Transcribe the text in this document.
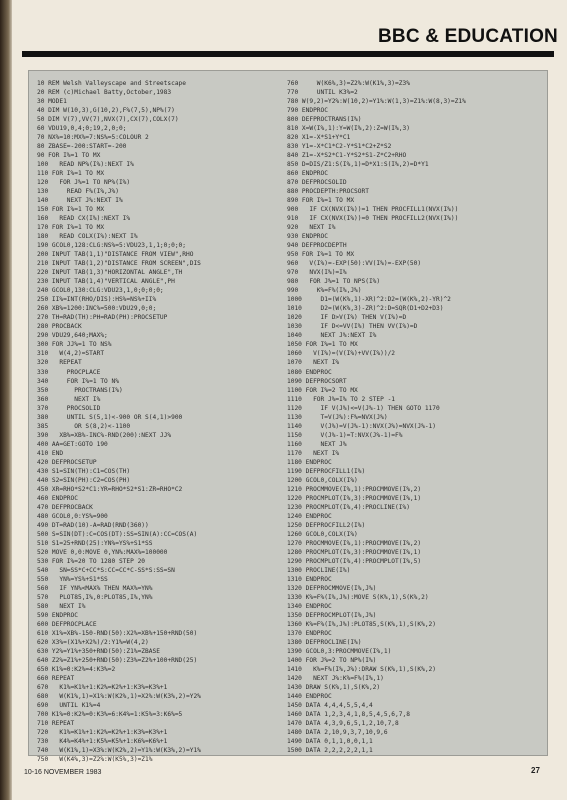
BBC & EDUCATION
10 REM Welsh Valleyscape and Streetscape
20 REM (c)Michael Batty,October,1983
30 MODE1
40 DIM W(10,3),G(10,2),F%(7,5),NP%(7)
50 DIM V(7),VV(7),NVX(7),CX(7),COLX(7)
60 VDU19,0,4;0;19,2,0;0;
70 NX%=10:MX%=7:NS%=5:COLOUR 2
80 ZBASE=-200:START=-200
90 FOR I%=1 TO MX
100   READ NP%(I%):NEXT I%
110 FOR I%=1 TO MX
120   FOR J%=1 TO NP%(I%)
130     READ F%(I%,J%)
140     NEXT J%:NEXT I%
150 FOR I%=1 TO MX
160   READ CX(I%):NEXT I%
170 FOR I%=1 TO MX
180   READ COLX(I%):NEXT I%
190 GCOL0,128:CLG:NS%=5:VDU23,1,1;0;0;0;
200 INPUT TAB(1,1)"DISTANCE FROM VIEW",RHO
210 INPUT TAB(1,2)"DISTANCE FROM SCREEN",DIS
220 INPUT TAB(1,3)"HORIZONTAL ANGLE",TH
230 INPUT TAB(1,4)"VERTICAL ANGLE",PH
240 GCOL0,130:CLG:VDU23,1,0;0;0;0;
250 II%=INT(RHO/DIS):HS%=NS%+II%
260 XB%=1200:INC%=500:VDU29,0;0;
270 TH=RAD(TH):PH=RAD(PH):PROCSETUP
280 PROCBACK
290 VDU29,640;MAX%;
300 FOR JJ%=1 TO NS%
310   W(4,2)=START
320   REPEAT
330     PROCPLACE
340     FOR I%=1 TO N%
350       PROCTRANS(I%)
360       NEXT I%
370     PROCSOLID
380     UNTIL S(5,1)<-900 OR S(4,1)>900
385       OR S(8,2)<-1100
390   XB%=XB%-INC%-RND(200):NEXT JJ%
400 AA=GET:GOTO 190
410 END
420 DEFPROCSETUP
430 S1=SIN(TH):C1=COS(TH)
440 S2=SIN(PH):C2=COS(PH)
450 XR=RHO*S2*C1:YR=RHO*S2*S1:ZR=RHO*C2
460 ENDPROC
470 DEFPROCBACK
480 GCOL0,0:YS%=900
490 DT=RAD(10)-A=RAD(RND(360))
500 S=SIN(DT):C=COS(DT):SS=SIN(A):CC=COS(A)
510 S1=25+RND(25):YN%=YS%+S1*SS
520 MOVE 0,0:MOVE 0,YN%:MAX%=100000
530 FOR I%=20 TO 1280 STEP 20
540   SN=SS*C+CC*S:CC=CC*C-SS*S:SS=SN
550   YN%=YS%+S1*SS
560   IF YN%<MAX% THEN MAX%=YN%
570   PLOT85,I%,0:PLOT85,I%,YN%
580   NEXT I%
590 ENDPROC
600 DEFPROCPLACE
610 X1%=XB%-150-RND(50):X2%=XB%+150+RND(50)
620 X3%=(X1%+X2%)/2:Y1%=W(4,2)
630 Y2%=Y1%+350+RND(50):Z1%=ZBASE
640 Z2%=Z1%+250+RND(50):Z3%=Z2%+100+RND(25)
650 K1%=0:K2%=4:K3%=2
660 REPEAT
670   K1%=K1%+1:K2%=K2%+1:K3%=K3%+1
680   W(K1%,1)=X1%:W(K2%,1)=X2%:W(K3%,2)=Y2%
690   UNTIL K1%=4
700 K1%=0:K2%=0:K3%=6:K4%=1:K5%=3:K6%=5
710 REPEAT
720   K1%=K1%+1:K2%=K2%+1:K3%=K3%+1
730   K4%=K4%+1:K5%=K5%+1:K6%=K6%+1
740   W(K1%,1)=X3%:W(K2%,2)=Y1%:W(K3%,2)=Y1%
750   W(K4%,3)=Z2%:W(K5%,3)=Z1%
760     W(K6%,3)=Z2%:W(K1%,3)=Z3%
770     UNTIL K3%=2
780 W(9,2)=Y2%:W(10,2)=Y1%:W(1,3)=Z1%:W(8,3)=Z1%
790 ENDPROC
800 DEFPROCTRANS(I%)
810 X=W(I%,1):Y=W(I%,2):Z=W(I%,3)
820 X1=-X*S1+Y*C1
830 Y1=-X*C1*C2-Y*S1*C2+Z*S2
840 Z1=-X*S2*C1-Y*S2*S1-Z*C2+RHO
850 D=DIS/Z1:S(I%,1)=D*X1:S(I%,2)=D*Y1
860 ENDPROC
870 DEFPROCSOLID
880 PROCDEPTH:PROCSORT
890 FOR I%=1 TO MX
900   IF CX(NVX(I%))=1 THEN PROCFILL1(NVX(I%))
910   IF CX(NVX(I%))=0 THEN PROCFILL2(NVX(I%))
920   NEXT I%
930 ENDPROC
940 DEFPROCDEPTH
950 FOR I%=1 TO MX
960   V(I%)=-EXP(50):VV(I%)=-EXP(50)
970   NVX(I%)=I%
980   FOR J%=1 TO NPS(I%)
990     K%=F%(I%,J%)
1000     D1=(W(K%,1)-XR)^2:D2=(W(K%,2)-YR)^2
1010     D2=(W(K%,3)-ZR)^2:D=SQR(D1+D2+D3)
1020     IF D>V(I%) THEN V(I%)=D
1030     IF D<=VV(I%) THEN VV(I%)=D
1040     NEXT J%:NEXT I%
1050 FOR I%=1 TO MX
1060   V(I%)=(V(I%)+VV(I%))/2
1070   NEXT I%
1080 ENDPROC
1090 DEFPROCSORT
1100 FOR I%=2 TO MX
1110   FOR J%=I% TO 2 STEP -1
1120     IF V(J%)<=V(J%-1) THEN GOTO 1170
1130     T=V(J%):F%=NVX(J%)
1140     V(J%)=V(J%-1):NVX(J%)=NVX(J%-1)
1150     V(J%-1)=T:NVX(J%-1)=F%
1160     NEXT J%
1170   NEXT I%
1180 ENDPROC
1190 DEFPROCFILL1(I%)
1200 GCOL0,COLX(I%)
1210 PROCMMOVE(I%,1):PROCMMOVE(I%,2)
1220 PROCMPLOT(I%,3):PROCMMOVE(I%,1)
1230 PROCMPLOT(I%,4):PROCLINE(I%)
1240 ENDPROC
1250 DEFPROCFILL2(I%)
1260 GCOL0,COLX(I%)
1270 PROCMMOVE(I%,1):PROCMMOVE(I%,2)
1280 PROCMPLOT(I%,3):PROCMMOVE(I%,1)
1290 PROCMPLOT(I%,4):PROCMPLOT(I%,5)
1300 PROCLINE(I%)
1310 ENDPROC
1320 DEFPROCMMOVE(I%,J%)
1330 K%=F%(I%,J%):MOVE S(K%,1),S(K%,2)
1340 ENDPROC
1350 DEFPROCMPLOT(I%,J%)
1360 K%=F%(I%,J%):PLOT85,S(K%,1),S(K%,2)
1370 ENDPROC
1380 DEFPROCLINE(I%)
1390 GCOL0,3:PROCMMOVE(I%,1)
1400 FOR J%=2 TO NP%(I%)
1410   K%=F%(I%,J%):DRAW S(K%,1),S(K%,2)
1420   NEXT J%:K%=F%(I%,1)
1430 DRAW S(K%,1),S(K%,2)
1440 ENDPROC
1450 DATA 4,4,4,5,5,4,4
1460 DATA 1,2,3,4,1,8,5,4,5,6,7,8
1470 DATA 4,3,9,6,5,1,2,10,7,8
1480 DATA 2,10,9,3,7,10,9,6
1490 DATA 0,1,1,0,0,1,1
1500 DATA 2,2,2,2,2,1,1
10-16 NOVEMBER 1983	27
